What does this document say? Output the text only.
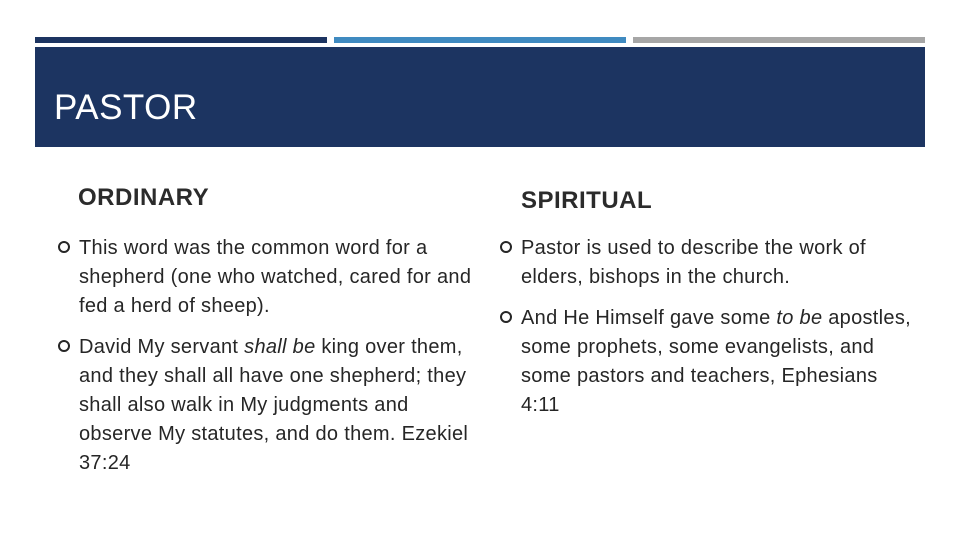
PASTOR
ORDINARY
This word was the common word for a shepherd (one who watched, cared for and fed a herd of sheep).
David My servant shall be king over them, and they shall all have one shepherd; they shall also walk in My judgments and observe My statutes, and do them. Ezekiel 37:24
SPIRITUAL
Pastor is used to describe the work of elders, bishops in the church.
And He Himself gave some to be apostles, some prophets, some evangelists, and some pastors and teachers, Ephesians 4:11
